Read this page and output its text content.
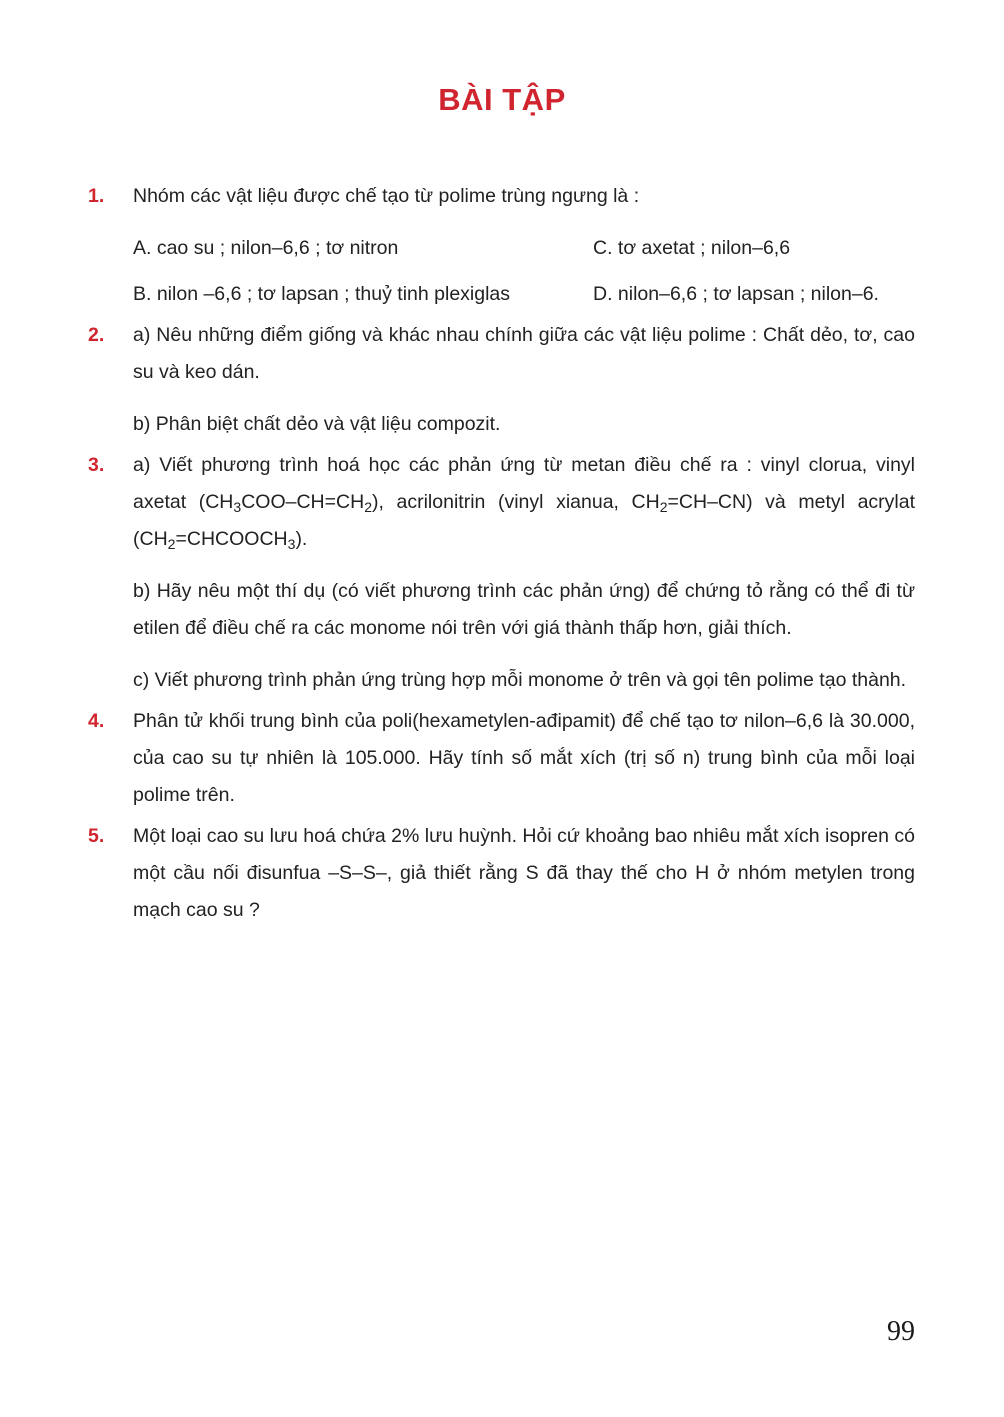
BÀI TẬP
1.	Nhóm các vật liệu được chế tạo từ polime trùng ngưng là :

A. cao su ; nilon–6,6 ; tơ nitron	C. tơ axetat ; nilon–6,6
B. nilon –6,6 ; tơ lapsan ; thuỷ tinh plexiglas	D. nilon–6,6 ; tơ lapsan ; nilon–6.
2.	a) Nêu những điểm giống và khác nhau chính giữa các vật liệu polime : Chất dẻo, tơ, cao su và keo dán.

b) Phân biệt chất dẻo và vật liệu compozit.

3.	a) Viết phương trình hoá học các phản ứng từ metan điều chế ra : vinyl clorua, vinyl axetat $(CH_3COO-CH=CH_2)$, acrilonitrin (vinyl xianua, $CH_2=CH-CN$) và metyl acrylat $(CH_2=CHCOOCH_3)$.

b) Hãy nêu một thí dụ (có viết phương trình các phản ứng) để chứng tỏ rằng có thể đi từ etilen để điều chế ra các monome nói trên với giá thành thấp hơn, giải thích.

c) Viết phương trình phản ứng trùng hợp mỗi monome ở trên và gọi tên polime tạo thành.

4.	Phân tử khối trung bình của poli(hexametylen-ađipamit) để chế tạo tơ nilon–6,6 là 30.000, của cao su tự nhiên là 105.000. Hãy tính số mắt xích (trị số n) trung bình của mỗi loại polime trên.

5.	Một loại cao su lưu hoá chứa 2% lưu huỳnh. Hỏi cứ khoảng bao nhiêu mắt xích isopren có một cầu nối đisunfua –S–S–, giả thiết rằng S đã thay thế cho H ở nhóm metylen trong mạch cao su ?

99
